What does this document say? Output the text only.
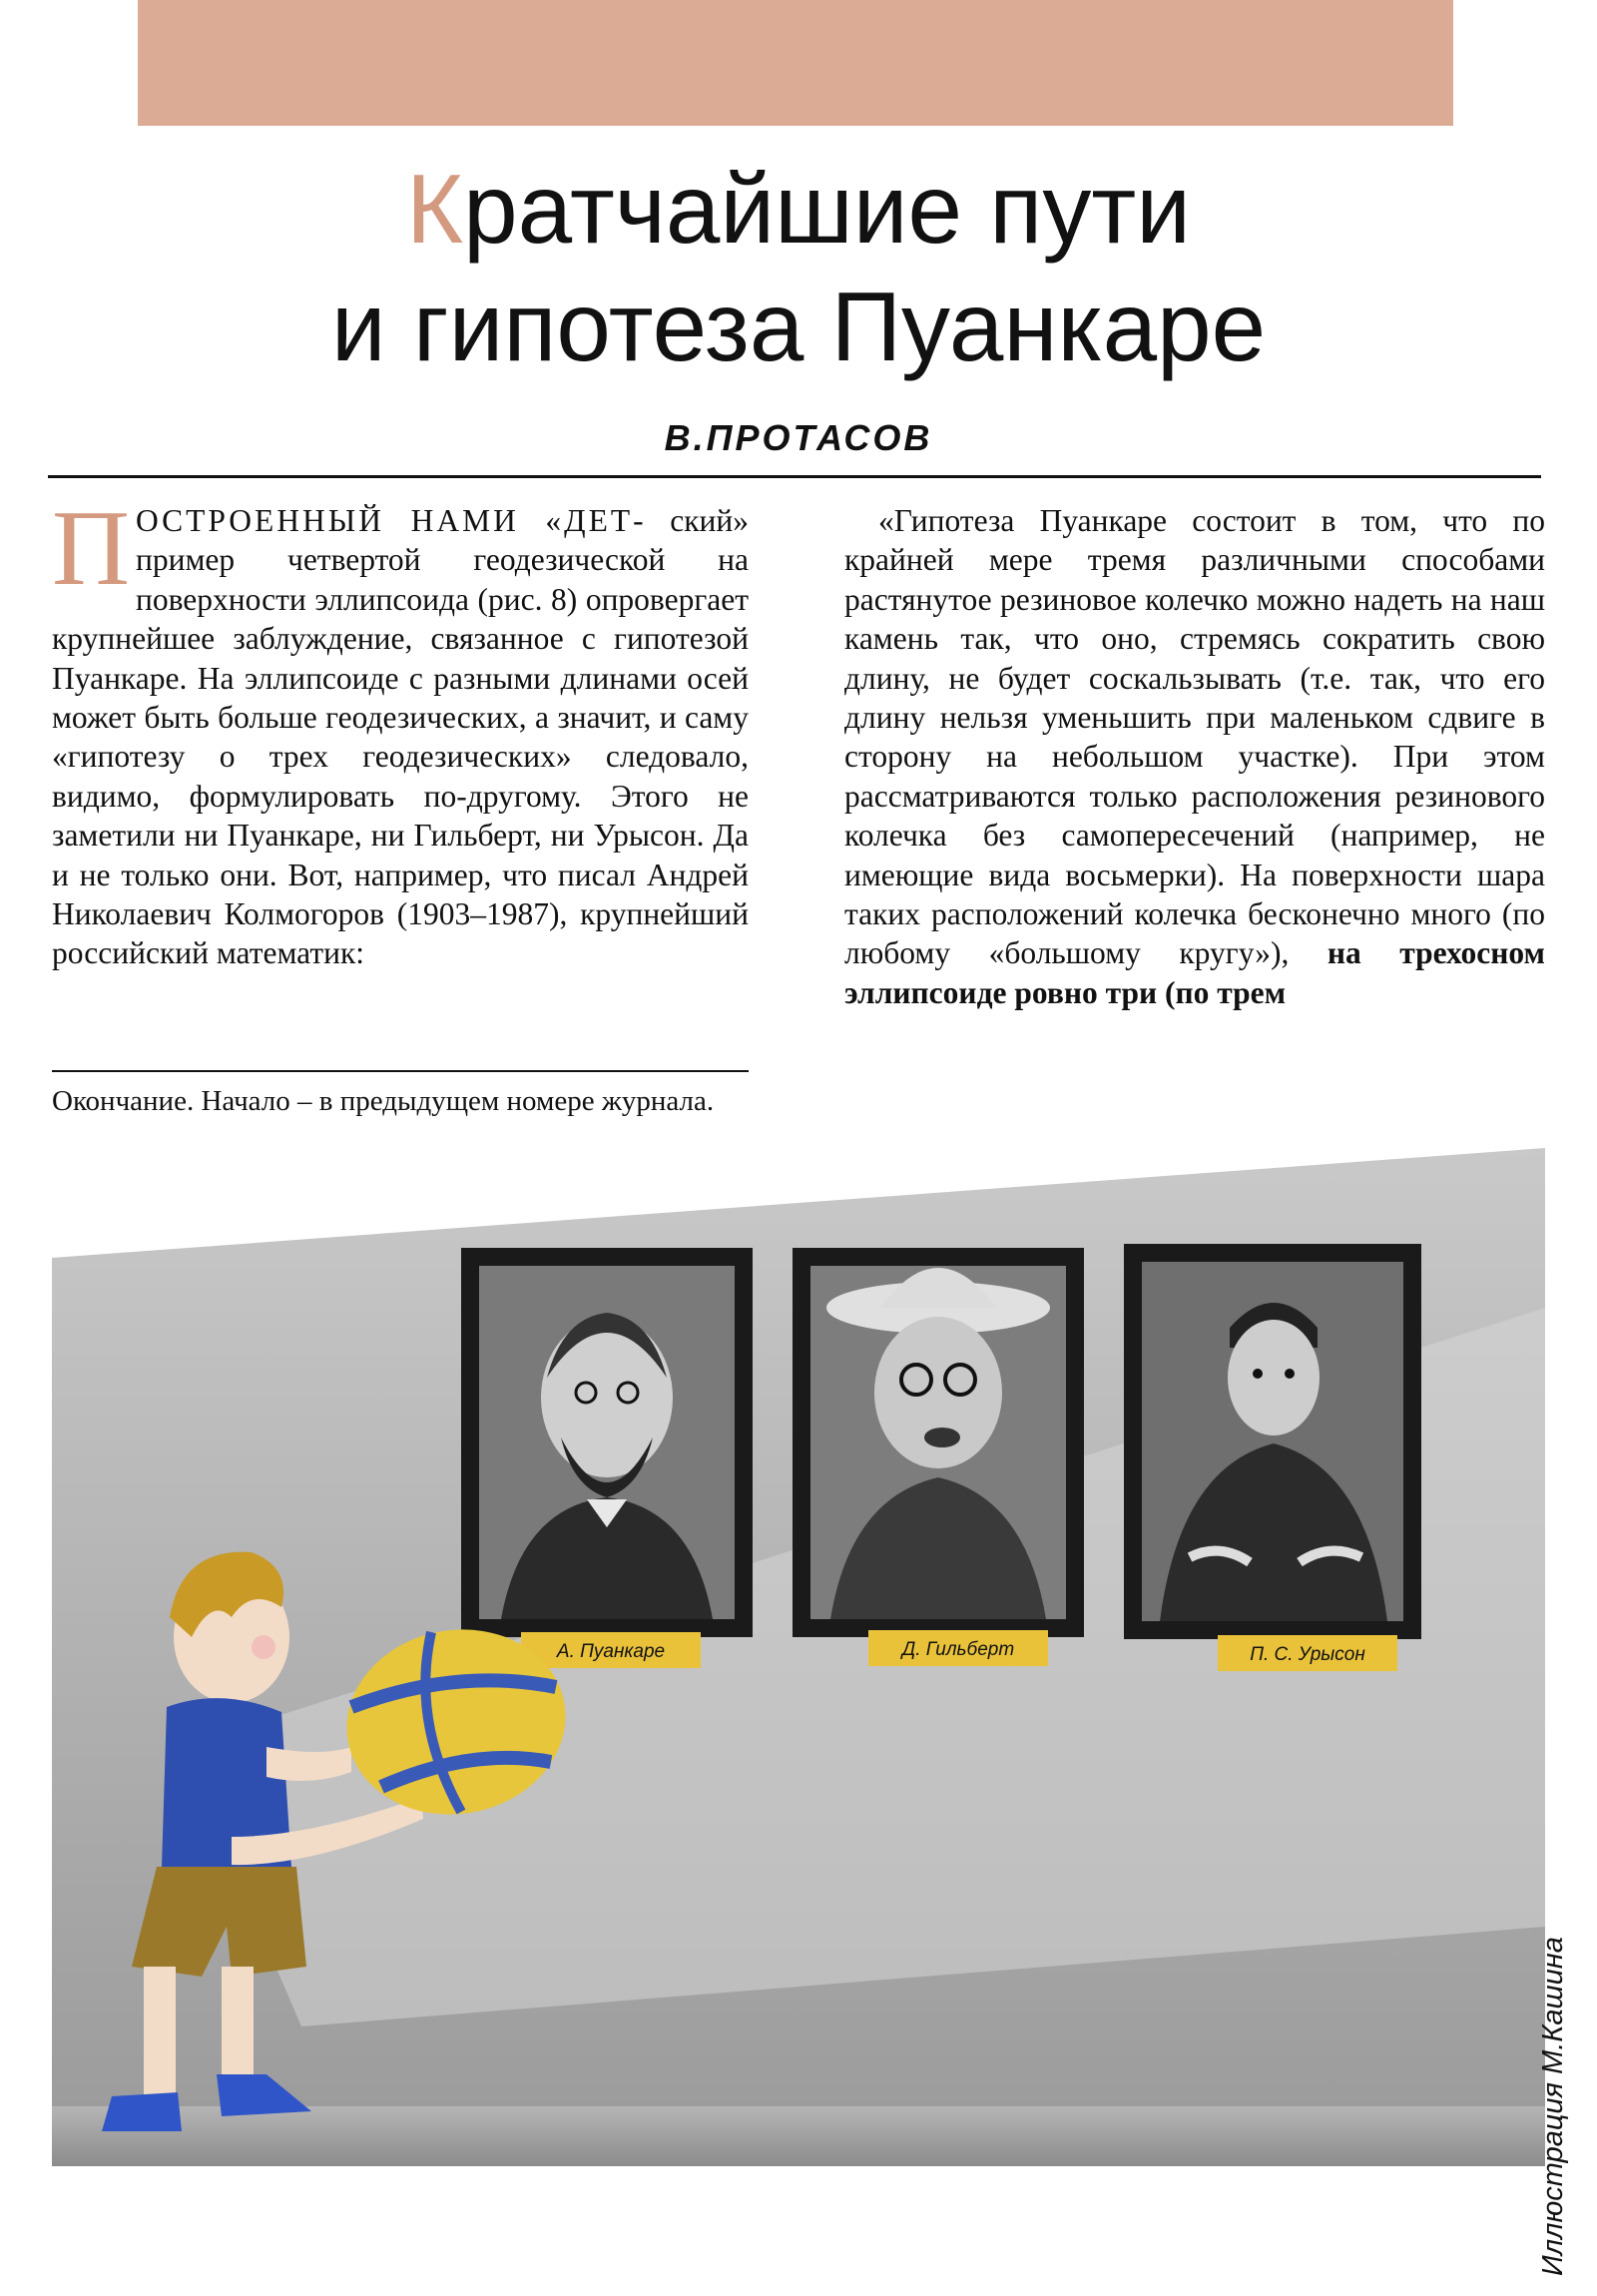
Кратчайшие пути
и гипотеза Пуанкаре
В.ПРОТАСОВ

ПОСТРОЕННЫЙ НАМИ «ДЕТ- ский» пример четвертой геодезической на поверхности эллипсоида (рис. 8) опровергает крупнейшее заблуждение, связанное с гипотезой Пуанкаре. На эллипсоиде с разными длинами осей может быть больше геодезических, а значит, и саму «гипотезу о трех геодезических» следовало, видимо, формулировать по-другому. Этого не заметили ни Пуанкаре, ни Гильберт, ни Урысон. Да и не только они. Вот, например, что писал Андрей Николаевич Колмогоров (1903–1987), крупнейший российский математик:

Окончание. Начало – в предыдущем номере журнала.

«Гипотеза Пуанкаре состоит в том, что по крайней мере тремя различными способами растянутое резиновое колечко можно надеть на наш камень так, что оно, стремясь сократить свою длину, не будет соскальзывать (т.е. так, что его длину нельзя уменьшить при маленьком сдвиге в сторону на небольшом участке). При этом рассматриваются только расположения резинового колечка без самопересечений (например, не имеющие вида восьмерки). На поверхности шара таких расположений колечка бесконечно много (по любому «большому кругу»), на трехосном эллипсоиде ровно три (по трем

А. Пуанкаре	Д. Гильберт	П. С. Урысон
Иллюстрация М.Кашина
